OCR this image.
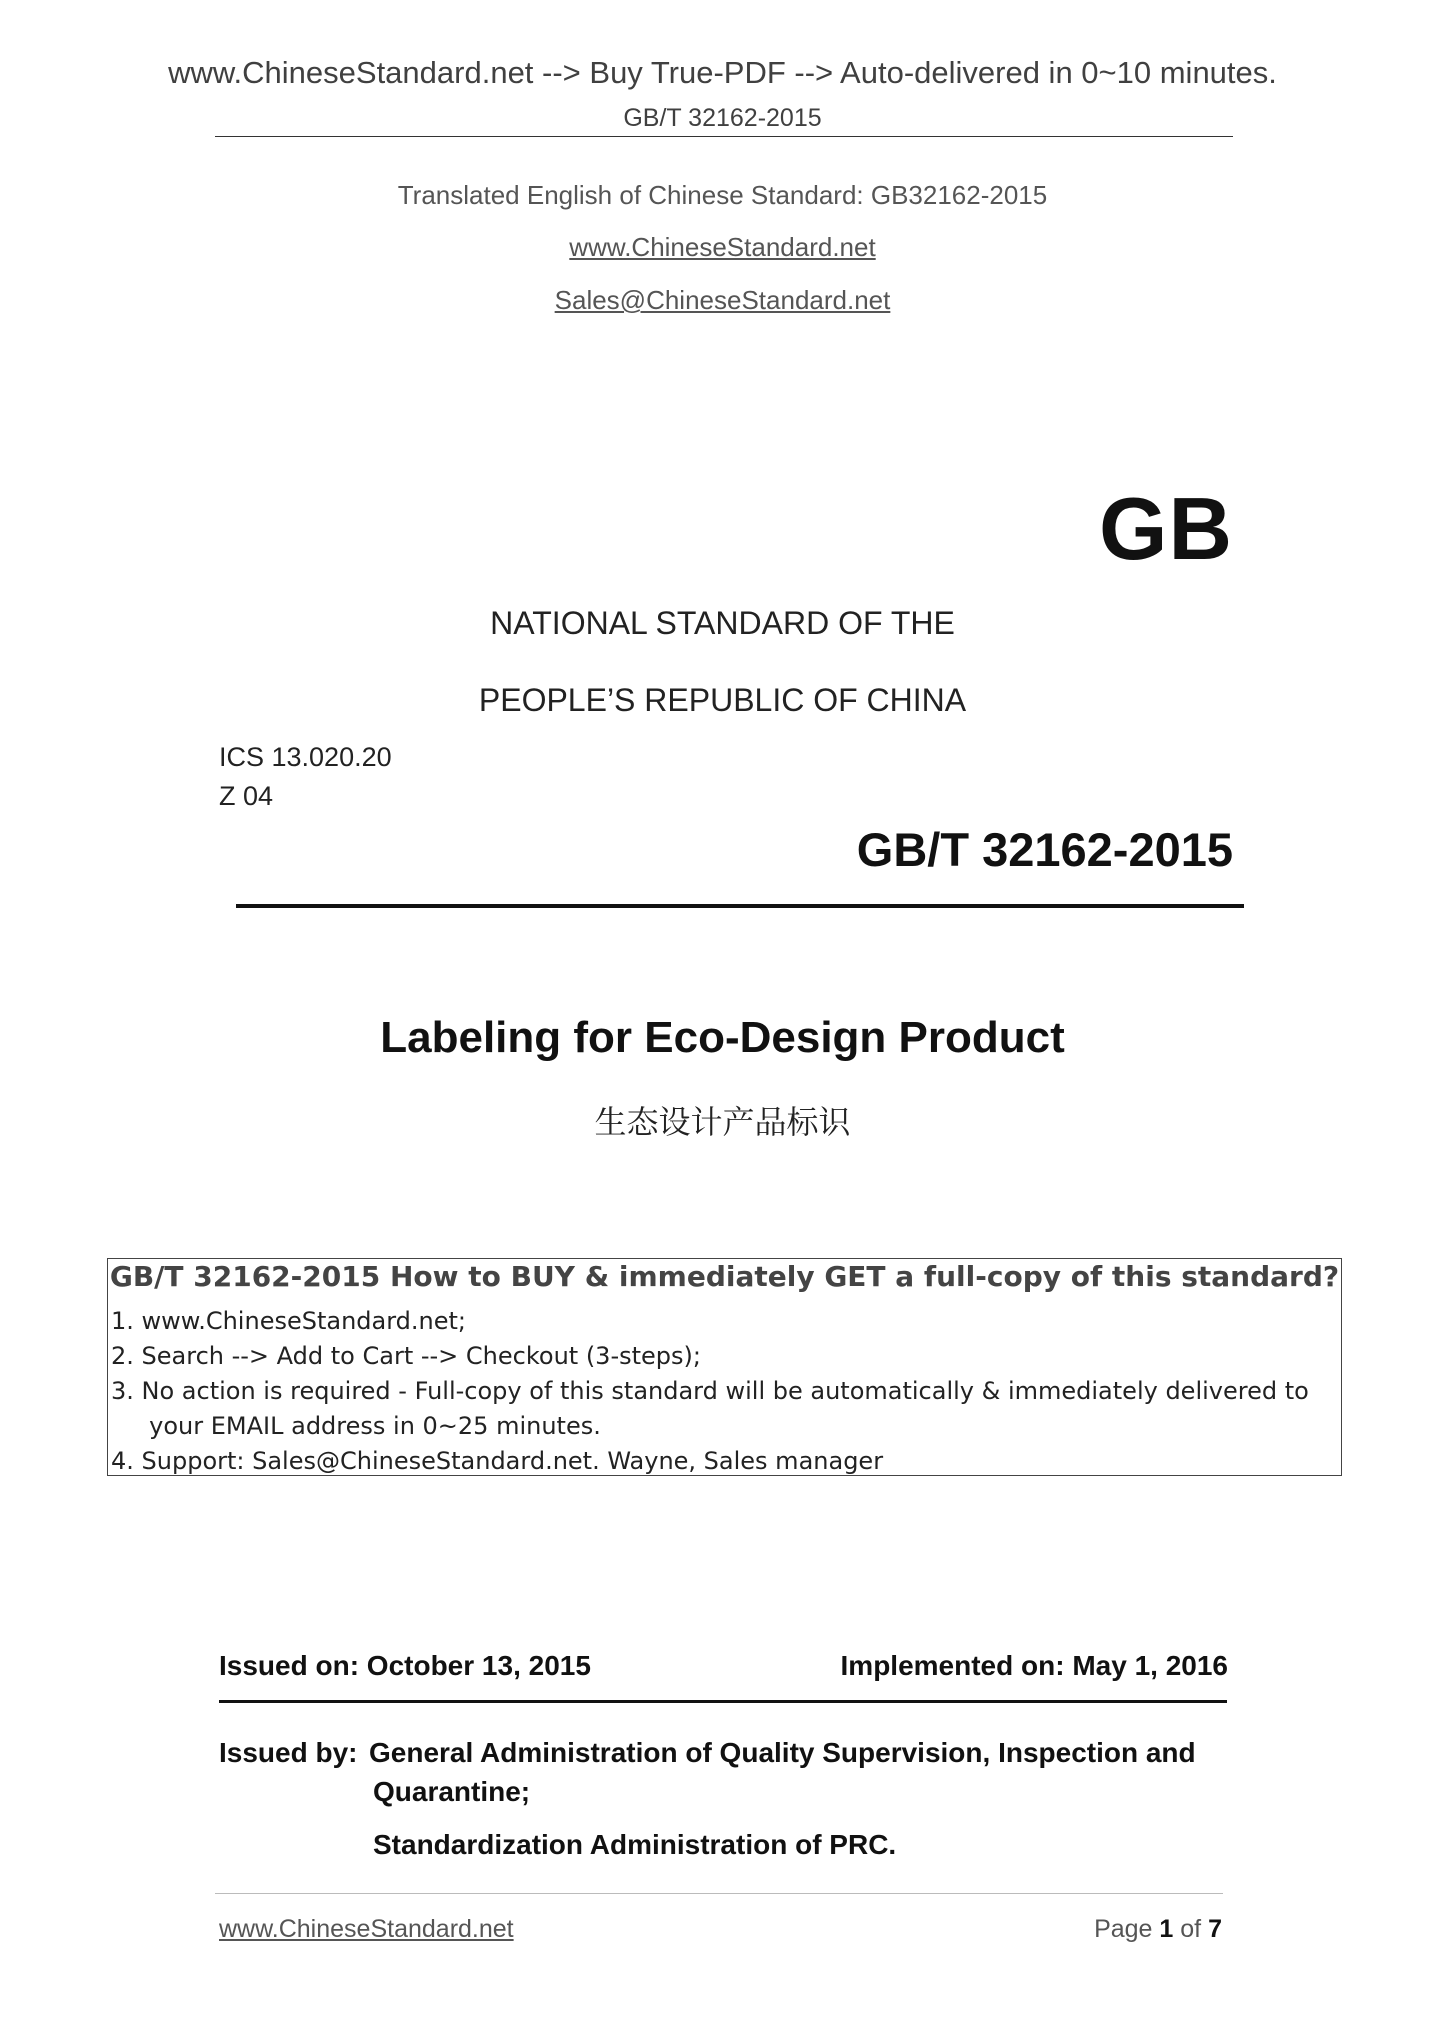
www.ChineseStandard.net --> Buy True-PDF --> Auto-delivered in 0~10 minutes.
GB/T 32162-2015
Translated English of Chinese Standard: GB32162-2015
www.ChineseStandard.net
Sales@ChineseStandard.net
GB
NATIONAL STANDARD OF THE
PEOPLE’S REPUBLIC OF CHINA
ICS 13.020.20
Z 04
GB/T 32162-2015
Labeling for Eco-Design Product
生态设计产品标识
GB/T 32162-2015 How to BUY & immediately GET a full-copy of this standard?
1. www.ChineseStandard.net;
2. Search --> Add to Cart --> Checkout (3-steps);
3. No action is required - Full-copy of this standard will be automatically & immediately delivered to
your EMAIL address in 0~25 minutes.
4. Support: Sales@ChineseStandard.net. Wayne, Sales manager
Issued on: October 13, 2015	Implemented on: May 1, 2016
Issued by: General Administration of Quality Supervision, Inspection and
Quarantine;
Standardization Administration of PRC.
www.ChineseStandard.net	Page 1 of 7
